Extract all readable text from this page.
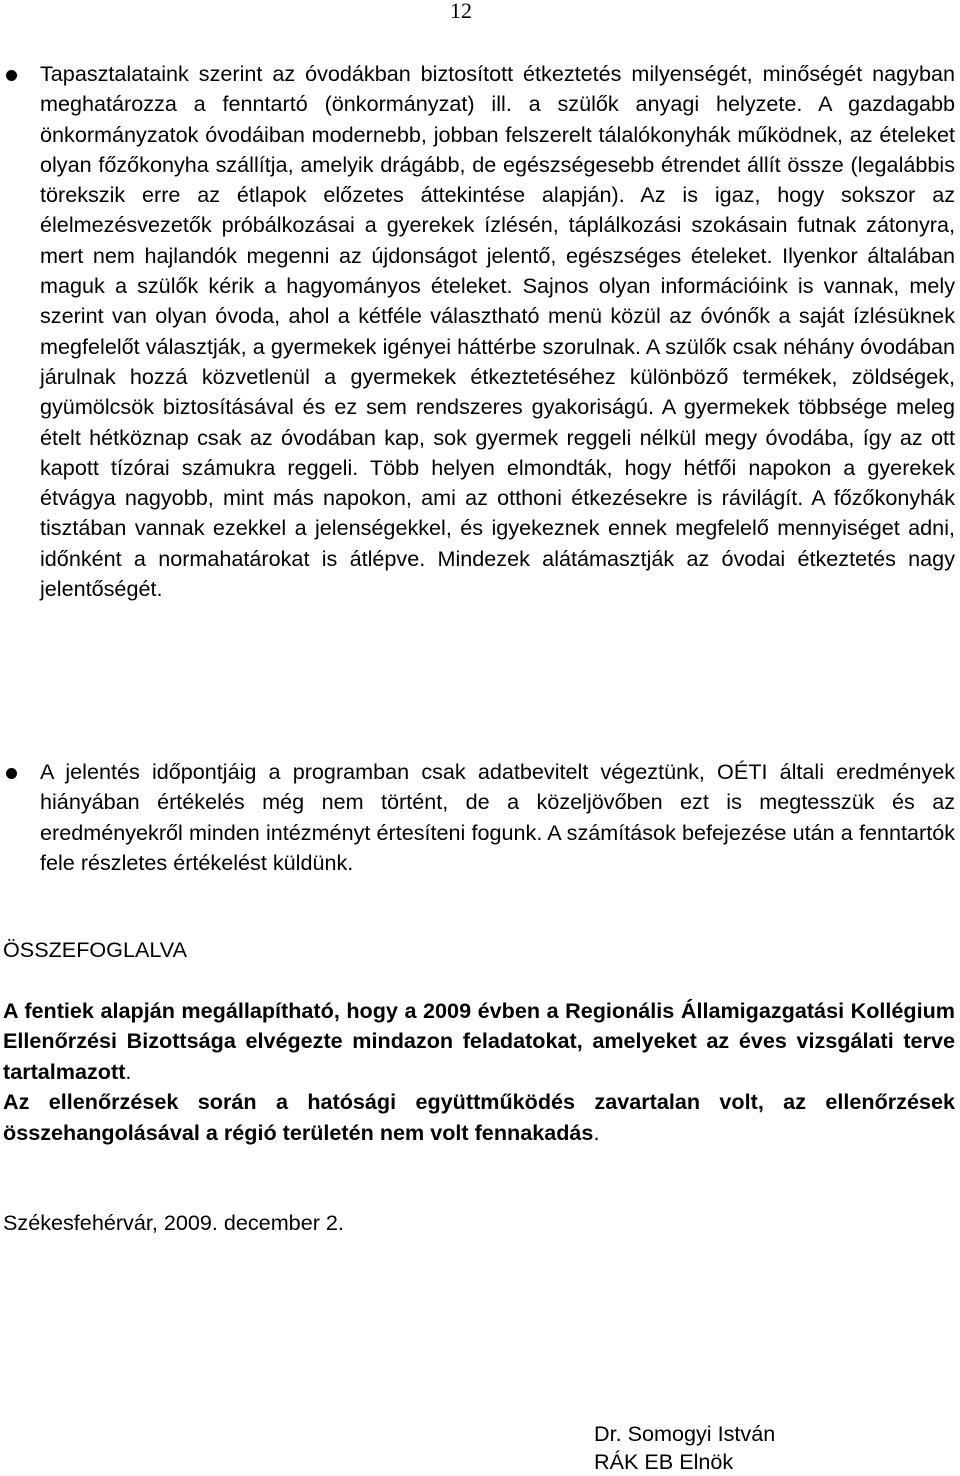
12
Tapasztalataink szerint az óvodákban biztosított étkeztetés milyenségét, minőségét nagyban meghatározza a fenntartó (önkormányzat) ill. a szülők anyagi helyzete. A gazdagabb önkormányzatok óvodáiban modernebb, jobban felszerelt tálalókonyhák működnek, az ételeket olyan főzőkonyha szállítja, amelyik drágább, de egészségesebb étrendet állít össze (legalábbis törekszik erre az étlapok előzetes áttekintése alapján). Az is igaz, hogy sokszor az élelmezésvezetők próbálkozásai a gyerekek ízlésén, táplálkozási szokásain futnak zátonyra, mert nem hajlandók megenni az újdonságot jelentő, egészséges ételeket. Ilyenkor általában maguk a szülők kérik a hagyományos ételeket. Sajnos olyan információink is vannak, mely szerint van olyan óvoda, ahol a kétféle választható menü közül az óvónők a saját ízlésüknek megfelelőt választják, a gyermekek igényei háttérbe szorulnak. A szülők csak néhány óvodában járulnak hozzá közvetlenül a gyermekek étkeztetéséhez különböző termékek, zöldségek, gyümölcsök biztosításával és ez sem rendszeres gyakoriságú. A gyermekek többsége meleg ételt hétköznap csak az óvodában kap, sok gyermek reggeli nélkül megy óvodába, így az ott kapott tízórai számukra reggeli. Több helyen elmondták, hogy hétfői napokon a gyerekek étvágya nagyobb, mint más napokon, ami az otthoni étkezésekre is rávilágít. A főzőkonyhák tisztában vannak ezekkel a jelenségekkel, és igyekeznek ennek megfelelő mennyiséget adni, időnként a normahatárokat is átlépve. Mindezek alátámasztják az óvodai étkeztetés nagy jelentőségét.
A jelentés időpontjáig a programban csak adatbevitelt végeztünk, OÉTI általi eredmények hiányában értékelés még nem történt, de a közeljövőben ezt is megtesszük és az eredményekről minden intézményt értesíteni fogunk. A számítások befejezése után a fenntartók fele részletes értékelést küldünk.
ÖSSZEFOGLALVA

A fentiek alapján megállapítható, hogy a 2009 évben a Regionális Államigazgatási Kollégium Ellenőrzési Bizottsága elvégezte mindazon feladatokat, amelyeket az éves vizsgálati terve tartalmazott.

Az ellenőrzések során a hatósági együttműködés zavartalan volt, az ellenőrzések összehangolásával a régió területén nem volt fennakadás.

Székesfehérvár, 2009. december 2.
Dr. Somogyi István
RÁK EB Elnök
